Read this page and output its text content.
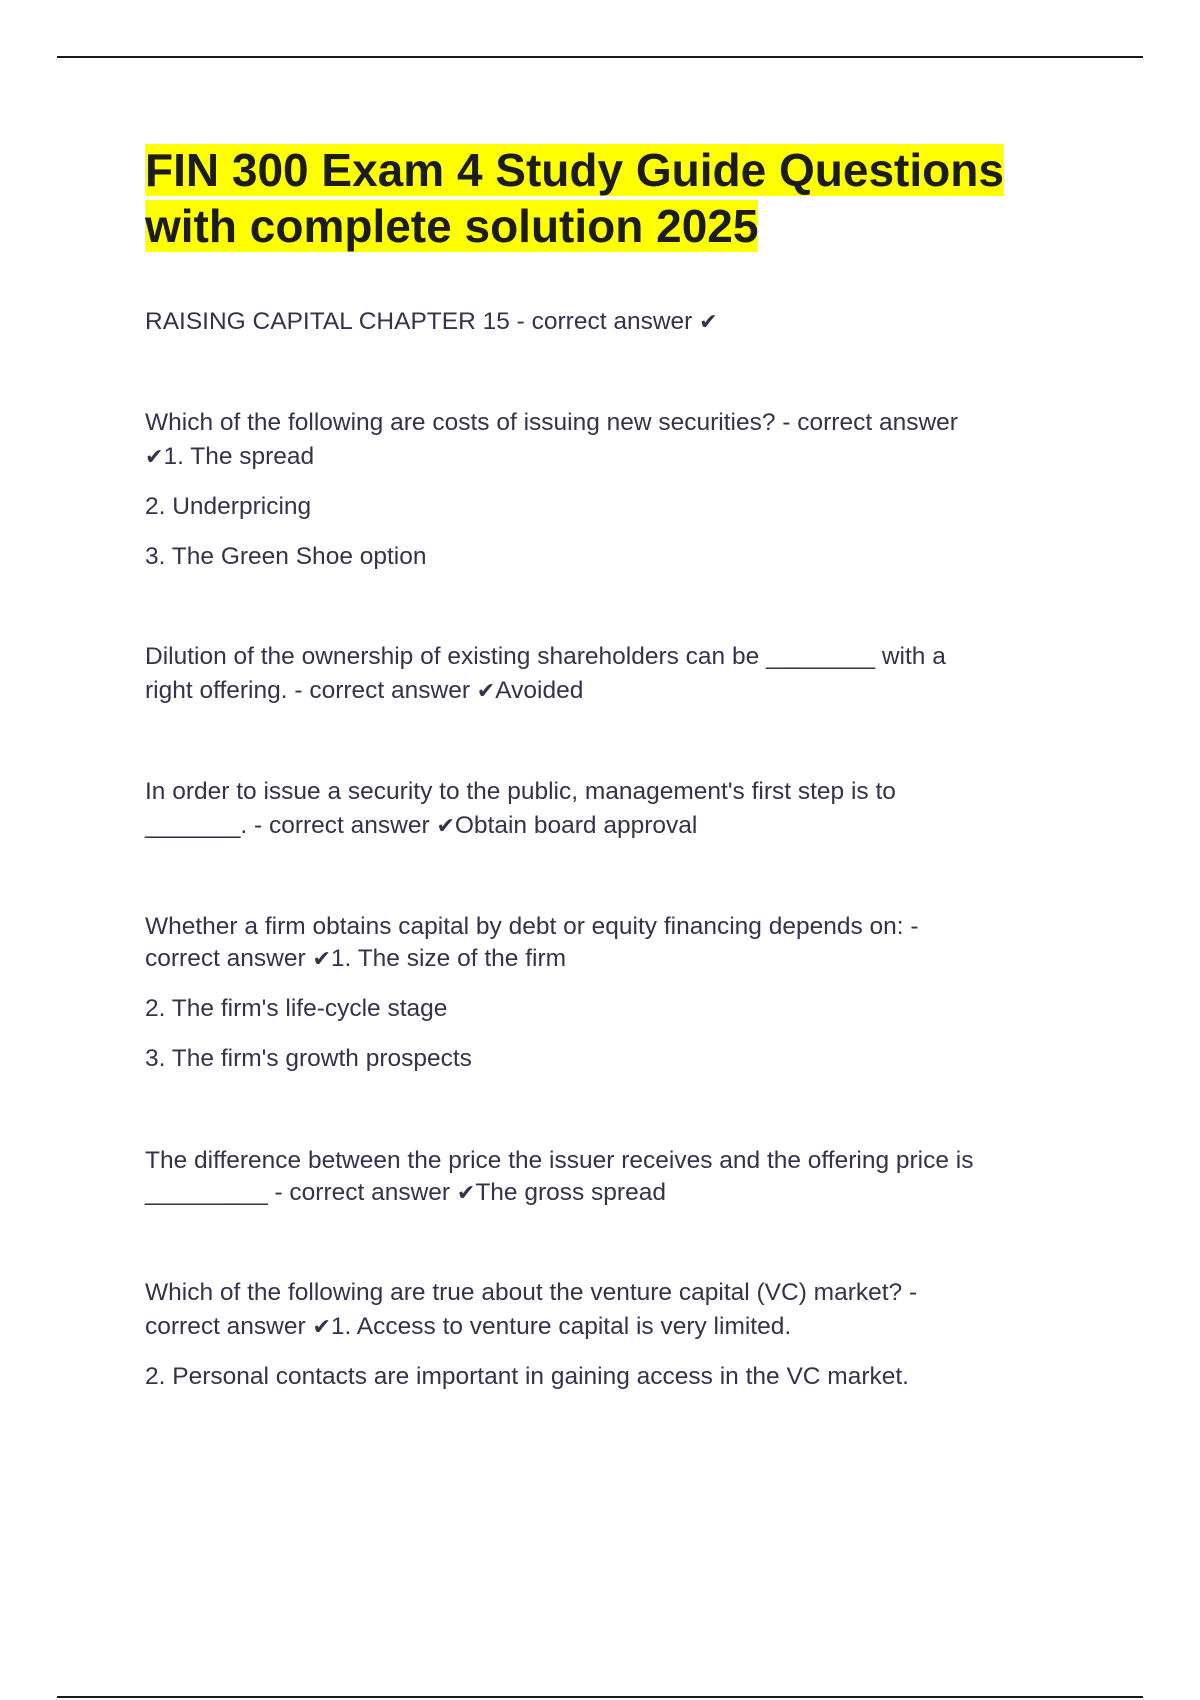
FIN 300 Exam 4 Study Guide Questions with complete solution 2025
RAISING CAPITAL CHAPTER 15 - correct answer ✔
Which of the following are costs of issuing new securities? - correct answer
✔1. The spread
2. Underpricing
3. The Green Shoe option
Dilution of the ownership of existing shareholders can be ________ with a
right offering. - correct answer ✔Avoided
In order to issue a security to the public, management's first step is to
_______. - correct answer ✔Obtain board approval
Whether a firm obtains capital by debt or equity financing depends on: -
correct answer ✔1. The size of the firm
2. The firm's life-cycle stage
3. The firm's growth prospects
The difference between the price the issuer receives and the offering price is
_________ - correct answer ✔The gross spread
Which of the following are true about the venture capital (VC) market? -
correct answer ✔1. Access to venture capital is very limited.
2. Personal contacts are important in gaining access in the VC market.
